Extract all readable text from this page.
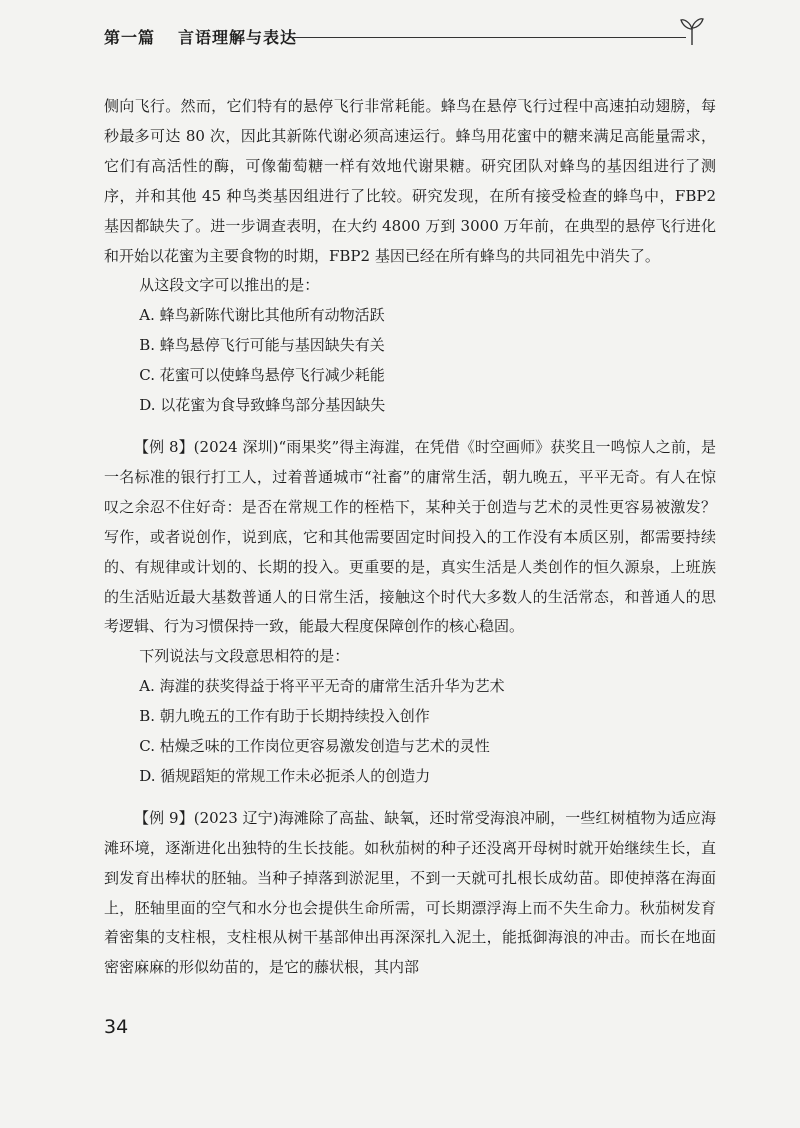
第一篇 言语理解与表达

侧向飞行。然而，它们特有的悬停飞行非常耗能。蜂鸟在悬停飞行过程中高速拍动翅膀，每秒最多可达 80 次，因此其新陈代谢必须高速运行。蜂鸟用花蜜中的糖来满足高能量需求，它们有高活性的酶，可像葡萄糖一样有效地代谢果糖。研究团队对蜂鸟的基因组进行了测序，并和其他 45 种鸟类基因组进行了比较。研究发现，在所有接受检查的蜂鸟中，FBP2 基因都缺失了。进一步调查表明，在大约 4800 万到 3000 万年前，在典型的悬停飞行进化和开始以花蜜为主要食物的时期，FBP2 基因已经在所有蜂鸟的共同祖先中消失了。

从这段文字可以推出的是：

A. 蜂鸟新陈代谢比其他所有动物活跃

B. 蜂鸟悬停飞行可能与基因缺失有关

C. 花蜜可以使蜂鸟悬停飞行减少耗能

D. 以花蜜为食导致蜂鸟部分基因缺失

【例 8】(2024 深圳)“雨果奖”得主海漄，在凭借《时空画师》获奖且一鸣惊人之前，是一名标准的银行打工人，过着普通城市“社畜”的庸常生活，朝九晚五，平平无奇。有人在惊叹之余忍不住好奇：是否在常规工作的桎梏下，某种关于创造与艺术的灵性更容易被激发？写作，或者说创作，说到底，它和其他需要固定时间投入的工作没有本质区别，都需要持续的、有规律或计划的、长期的投入。更重要的是，真实生活是人类创作的恒久源泉，上班族的生活贴近最大基数普通人的日常生活，接触这个时代大多数人的生活常态，和普通人的思考逻辑、行为习惯保持一致，能最大程度保障创作的核心稳固。

下列说法与文段意思相符的是：

A. 海漄的获奖得益于将平平无奇的庸常生活升华为艺术

B. 朝九晚五的工作有助于长期持续投入创作

C. 枯燥乏味的工作岗位更容易激发创造与艺术的灵性

D. 循规蹈矩的常规工作未必扼杀人的创造力

【例 9】(2023 辽宁)海滩除了高盐、缺氧，还时常受海浪冲刷，一些红树植物为适应海滩环境，逐渐进化出独特的生长技能。如秋茄树的种子还没离开母树时就开始继续生长，直到发育出棒状的胚轴。当种子掉落到淤泥里，不到一天就可扎根长成幼苗。即使掉落在海面上，胚轴里面的空气和水分也会提供生命所需，可长期漂浮海上而不失生命力。秋茄树发育着密集的支柱根，支柱根从树干基部伸出再深深扎入泥土，能抵御海浪的冲击。而长在地面密密麻麻的形似幼苗的，是它的藤状根，其内部

34
